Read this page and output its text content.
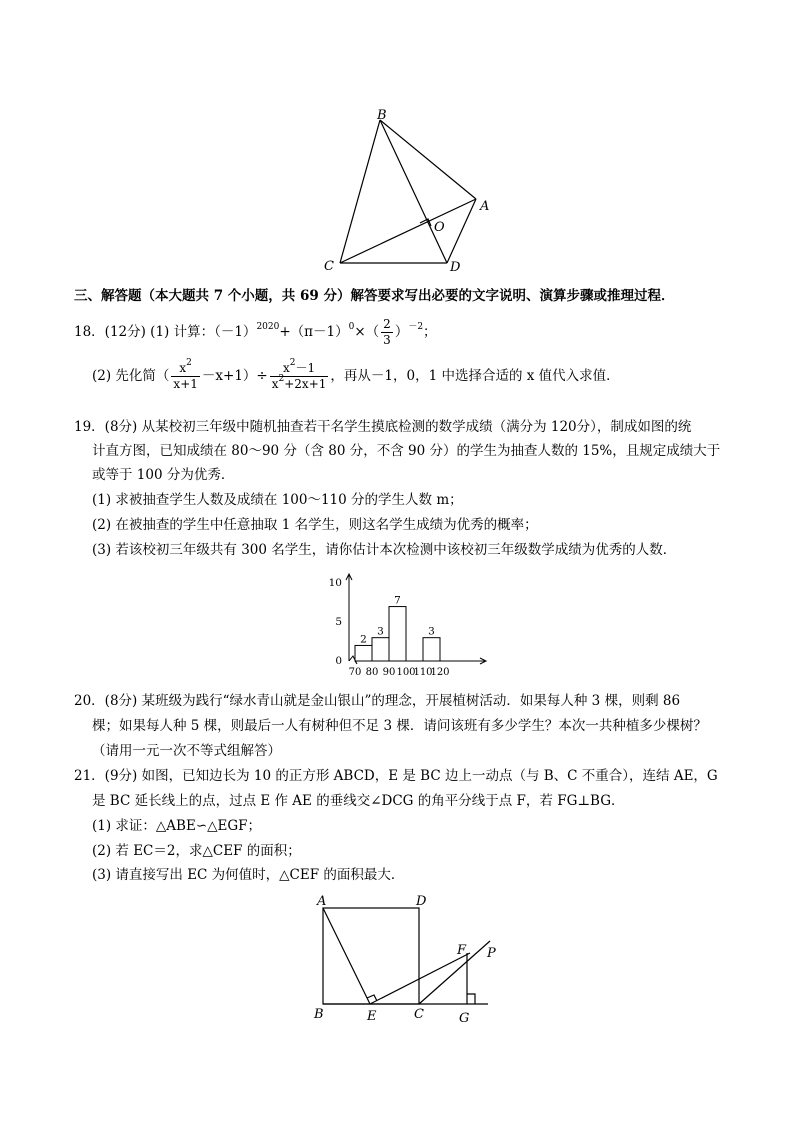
B
A
O
C	D
三、解答题（本大题共 7 个小题，共 69 分）解答要求写出必要的文字说明、演算步骤或推理过程．
18．(12分) (1) 计算：$(-1)^{2020}+(\pi-1)^0\times( \frac{2}{3} )^{-2}$；
(2) 先化简（ $\frac{x^2}{x+1} -x+1)\div \frac{x^2-1}{x^2+2x+1}$ ，再从－1，0，1 中选择合适的 x 值代入求值．
19．(8分) 从某校初三年级中随机抽查若干名学生摸底检测的数学成绩（满分为 120分），制成如图的统
计直方图，已知成绩在 80～90 分（含 80 分，不含 90 分）的学生为抽查人数的 15%，且规定成绩大于
或等于 100 分为优秀．
(1) 求被抽查学生人数及成绩在 100～110 分的学生人数 m；
(2) 在被抽查的学生中任意抽取 1 名学生，则这名学生成绩为优秀的概率；
(3) 若该校初三年级共有 300 名学生，请你估计本次检测中该校初三年级数学成绩为优秀的人数．
0
5
10
2
3
7
3
70 80 90 100
110
120
20．(8分) 某班级为践行“绿水青山就是金山银山”的理念，开展植树活动．如果每人种 3 棵，则剩 86
棵；如果每人种 5 棵，则最后一人有树种但不足 3 棵．请问该班有多少学生？本次一共种植多少棵树？
（请用一元一次不等式组解答）
21．(9分) 如图，已知边长为 10 的正方形 ABCD，E 是 BC 边上一动点（与 B、C 不重合），连结 AE，G
是 BC 延长线上的点，过点 E 作 AE 的垂线交∠DCG 的角平分线于点 F，若 FG⊥BG．
(1) 求证：△ABE∽△EGF；
(2) 若 EC＝2，求△CEF 的面积；
(3) 请直接写出 EC 为何值时，△CEF 的面积最大．
A	D
F P
B	E	C	G
